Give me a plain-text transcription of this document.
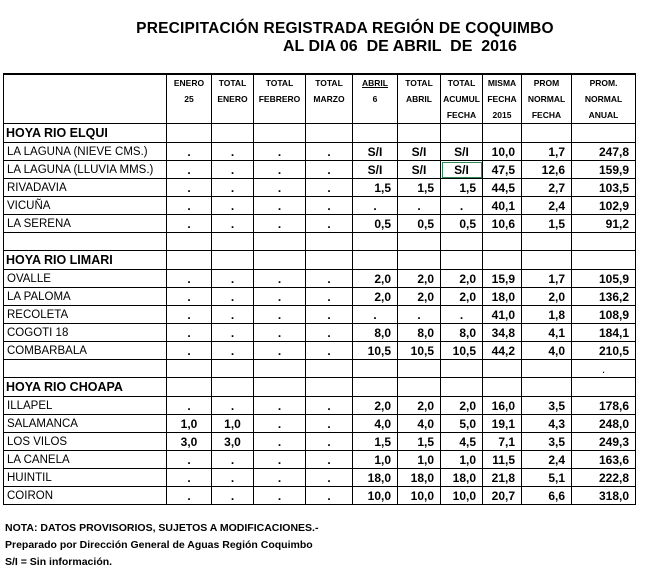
PRECIPITACIÓN REGISTRADA REGIÓN DE COQUIMBO
AL DIA 06  DE ABRIL  DE  2016
	ENERO	TOTAL	TOTAL	TOTAL	ABRIL	TOTAL	TOTAL	MISMA	PROM	PROM.
	25	ENERO	FEBRERO	MARZO	6	ABRIL	ACUMUL	FECHA	NORMAL	NORMAL
							FECHA	2015	FECHA	ANUAL
HOYA RIO ELQUI										
LA LAGUNA (NIEVE CMS.)	.	.	.	.	S/I	S/I	S/I	10,0	1,7	247,8
LA LAGUNA (LLUVIA MMS.)	.	.	.	.	S/I	S/I	S/I	47,5	12,6	159,9
RIVADAVIA	.	.	.	.	1,5	1,5	1,5	44,5	2,7	103,5
VICUÑA	.	.	.	.	.	.	.	40,1	2,4	102,9
LA SERENA	.	.	.	.	0,5	0,5	0,5	10,6	1,5	91,2

HOYA RIO LIMARI										
OVALLE	.	.	.	.	2,0	2,0	2,0	15,9	1,7	105,9
LA PALOMA	.	.	.	.	2,0	2,0	2,0	18,0	2,0	136,2
RECOLETA	.	.	.	.	.	.	.	41,0	1,8	108,9
COGOTI 18	.	.	.	.	8,0	8,0	8,0	34,8	4,1	184,1
COMBARBALA	.	.	.	.	10,5	10,5	10,5	44,2	4,0	210,5
										.
HOYA RIO CHOAPA										
ILLAPEL	.	.	.	.	2,0	2,0	2,0	16,0	3,5	178,6
SALAMANCA	1,0	1,0	.	.	4,0	4,0	5,0	19,1	4,3	248,0
LOS VILOS	3,0	3,0	.	.	1,5	1,5	4,5	7,1	3,5	249,3
LA CANELA	.	.	.	.	1,0	1,0	1,0	11,5	2,4	163,6
HUINTIL	.	.	.	.	18,0	18,0	18,0	21,8	5,1	222,8
COIRON	.	.	.	.	10,0	10,0	10,0	20,7	6,6	318,0
NOTA: DATOS PROVISORIOS, SUJETOS A MODIFICACIONES.-
Preparado por Dirección General de Aguas Región Coquimbo
S/I = Sin información.
